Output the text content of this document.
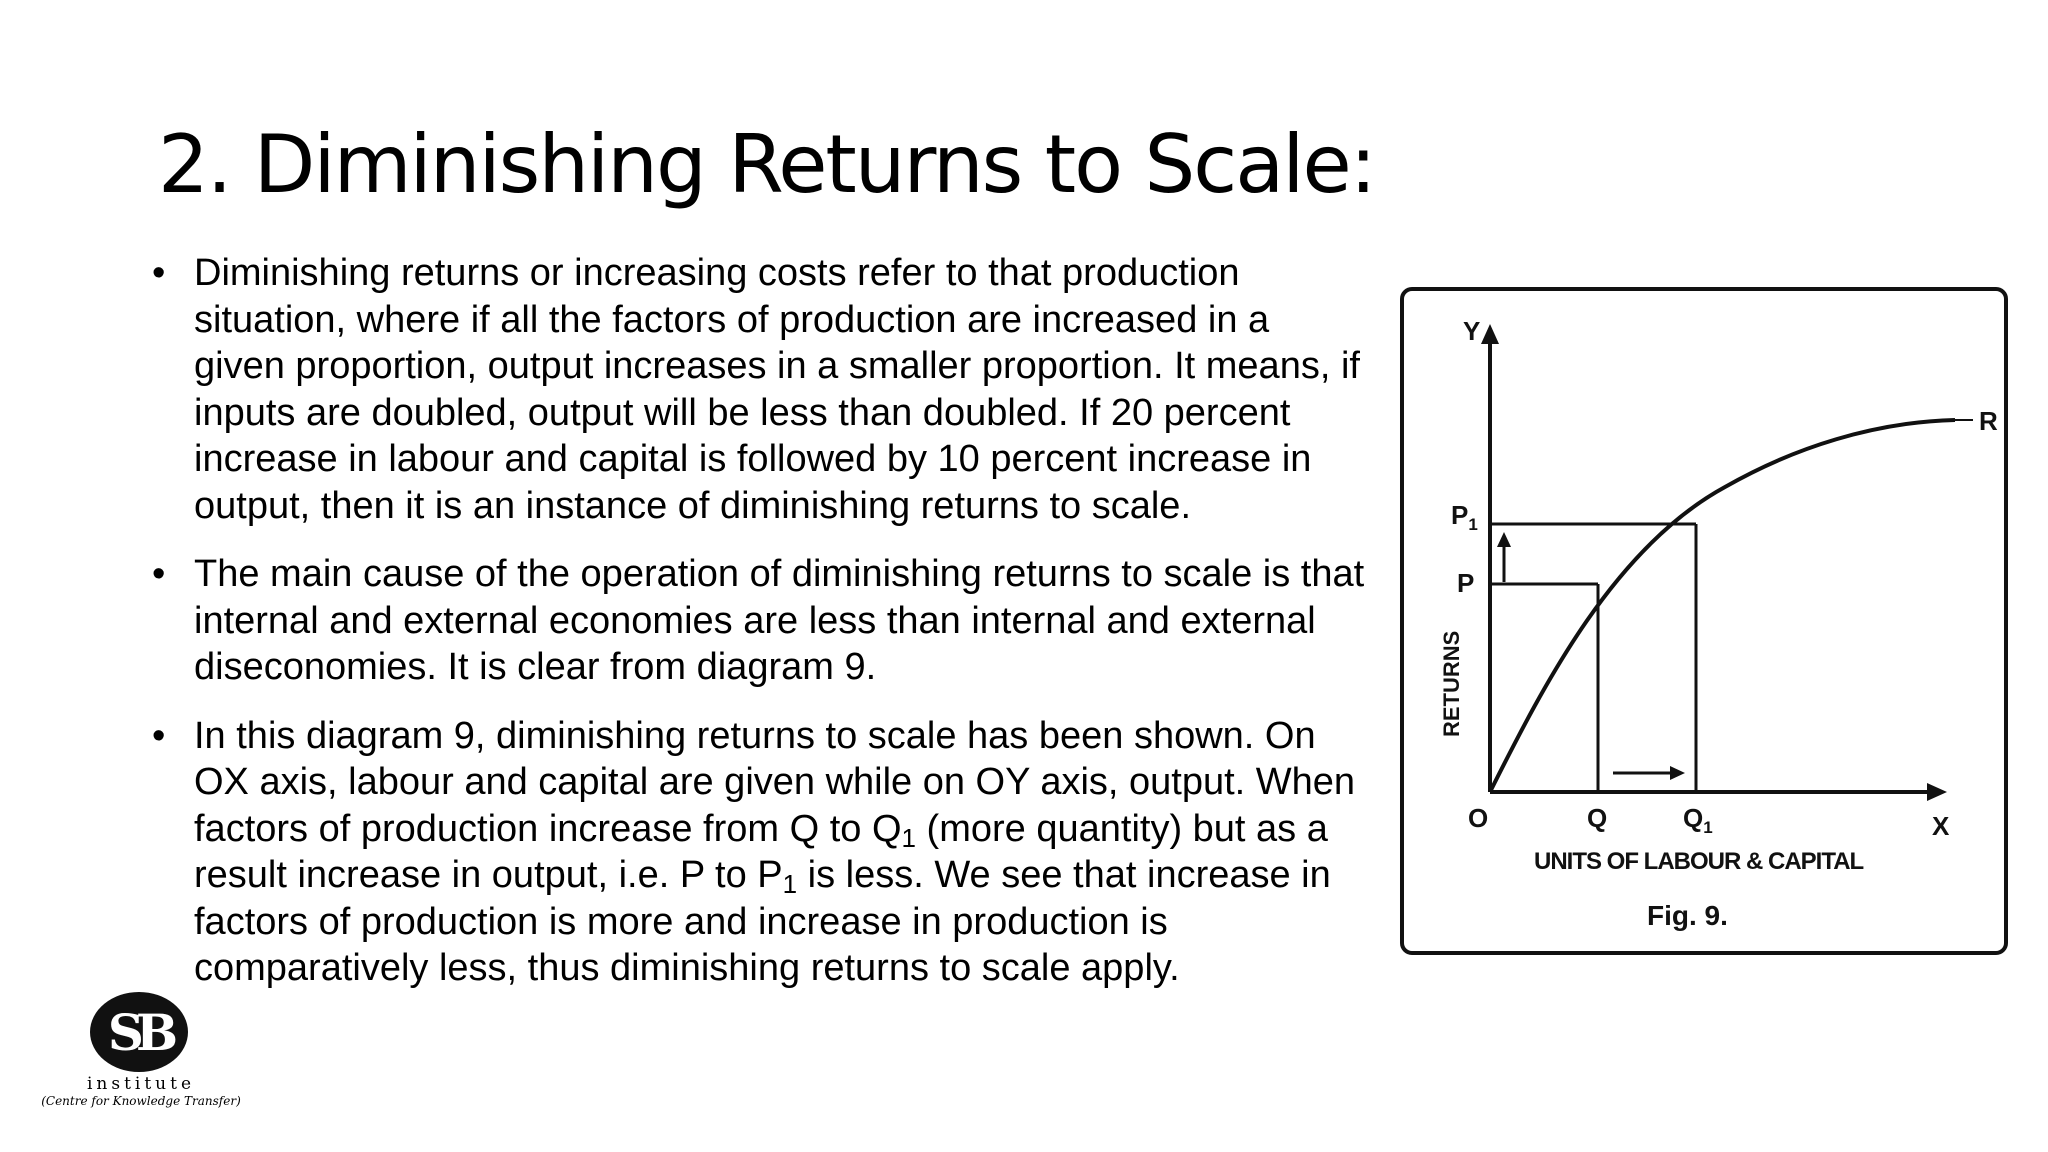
2. Diminishing Returns to Scale:
• Diminishing returns or increasing costs refer to that production situation, where if all the factors of production are increased in a given proportion, output increases in a smaller proportion. It means, if inputs are doubled, output will be less than doubled. If 20 percent increase in labour and capital is followed by 10 percent increase in output, then it is an instance of diminishing returns to scale.

• The main cause of the operation of diminishing returns to scale is that internal and external economies are less than internal and external diseconomies. It is clear from diagram 9.

• In this diagram 9, diminishing returns to scale has been shown. On OX axis, labour and capital are given while on OY axis, output. When factors of production increase from Q to $Q_1$ (more quantity) but as a result increase in output, i.e. P to $P_1$ is less. We see that increase in factors of production is more and increase in production is comparatively less, thus diminishing returns to scale apply.

Y
R
$P_1$
P
RETURNS
O	Q	$Q_1$	X
UNITS OF LABOUR & CAPITAL
Fig. 9.
SB
institute
(Centre for Knowledge Transfer)
